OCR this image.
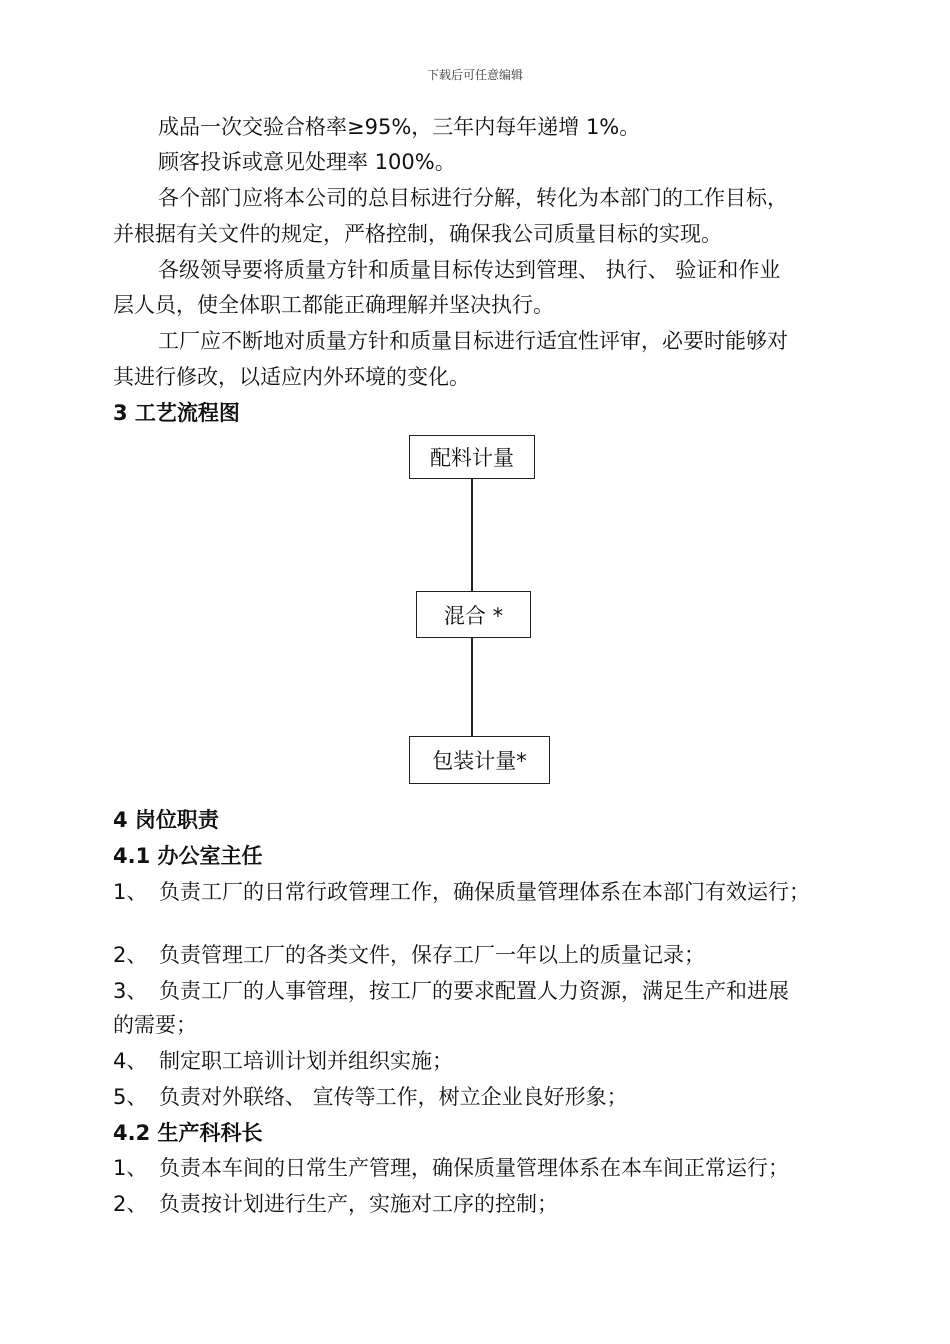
下载后可任意编辑
成品一次交验合格率≥95%，三年内每年递增 1%。
顾客投诉或意见处理率 100%。
各个部门应将本公司的总目标进行分解，转化为本部门的工作目标，
并根据有关文件的规定，严格控制，确保我公司质量目标的实现。
各级领导要将质量方针和质量目标传达到管理、 执行、 验证和作业
层人员，使全体职工都能正确理解并坚决执行。
工厂应不断地对质量方针和质量目标进行适宜性评审，必要时能够对
其进行修改，以适应内外环境的变化。
3 工艺流程图
配料计量
混合 *
包装计量*
4 岗位职责
4.1 办公室主任
1、 负责工厂的日常行政管理工作，确保质量管理体系在本部门有效运行；
2、 负责管理工厂的各类文件，保存工厂一年以上的质量记录；
3、 负责工厂的人事管理，按工厂的要求配置人力资源，满足生产和进展
的需要；
4、 制定职工培训计划并组织实施；
5、 负责对外联络、 宣传等工作，树立企业良好形象；
4.2 生产科科长
1、 负责本车间的日常生产管理，确保质量管理体系在本车间正常运行；
2、 负责按计划进行生产，实施对工序的控制；
